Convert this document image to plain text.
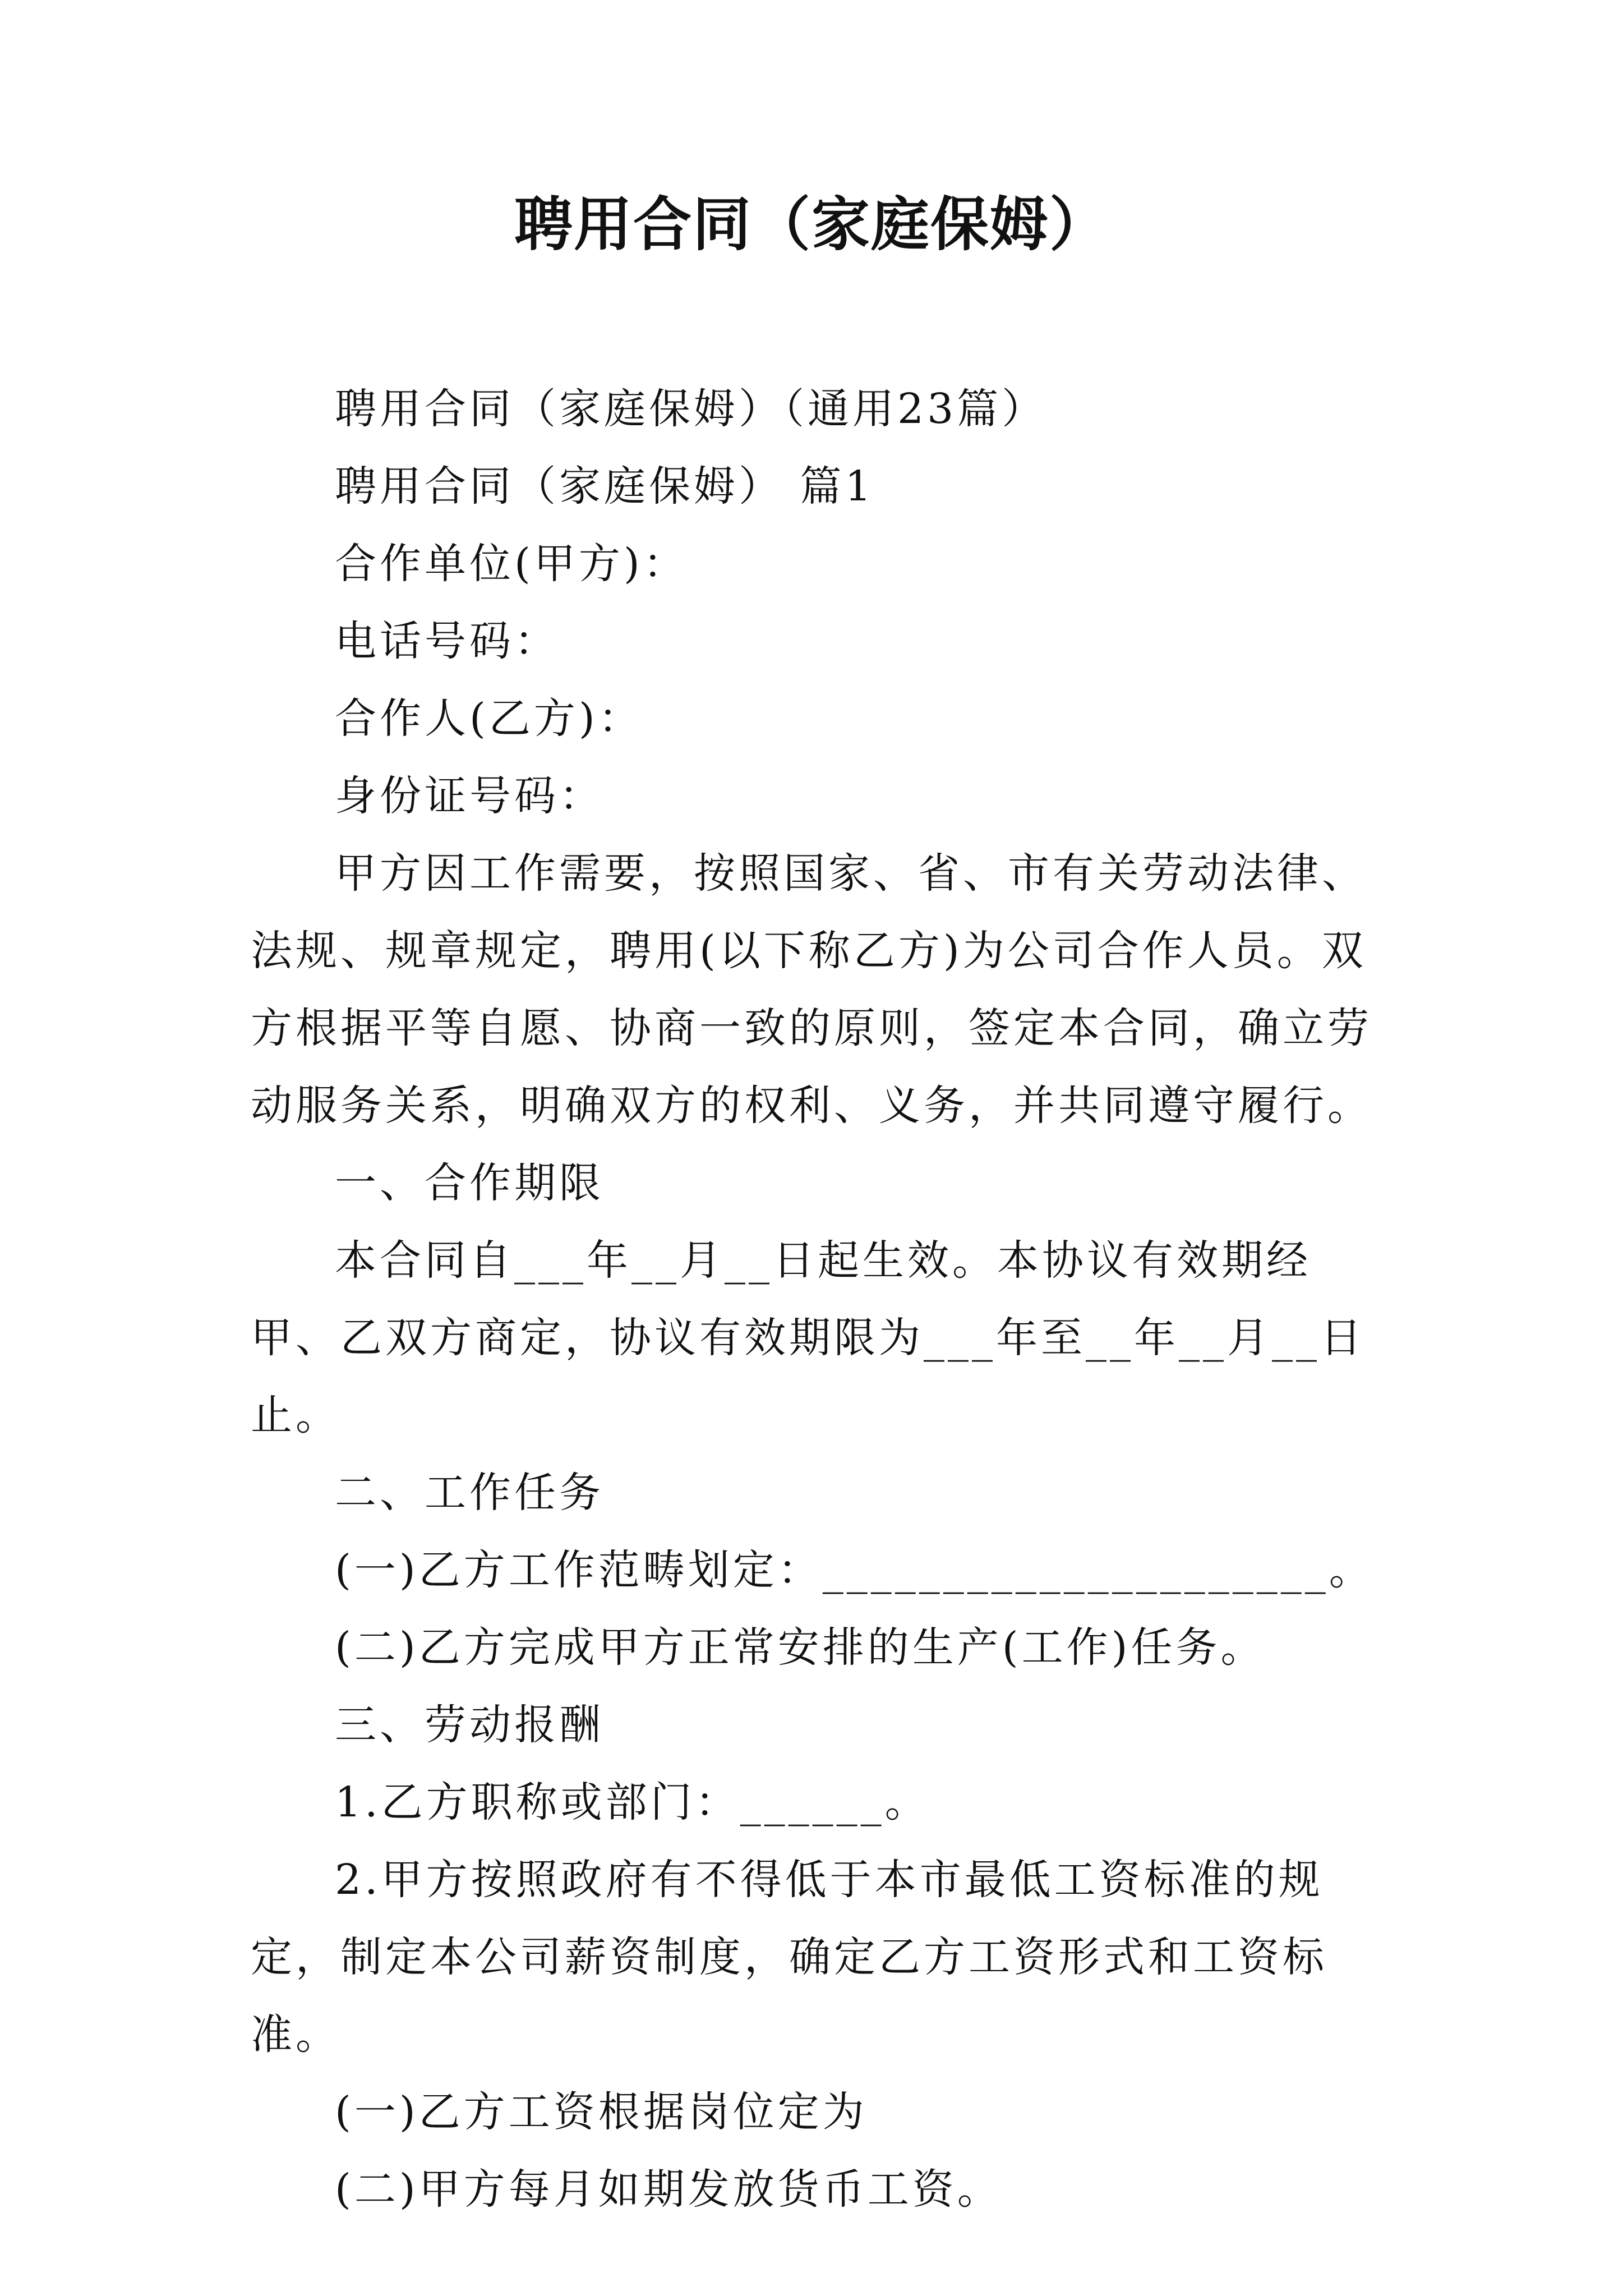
聘用合同（家庭保姆）

聘用合同（家庭保姆）（通用23篇）

聘用合同（家庭保姆） 篇1

合作单位(甲方)：

电话号码：

合作人(乙方)：

身份证号码：

甲方因工作需要，按照国家、省、市有关劳动法律、法规、规章规定，聘用(以下称乙方)为公司合作人员。双方根据平等自愿、协商一致的原则，签定本合同，确立劳动服务关系，明确双方的权利、义务，并共同遵守履行。

一、合作期限

本合同自___年__月__日起生效。本协议有效期经甲、乙双方商定，协议有效期限为___年至__年__月__日止。

二、工作任务

(一)乙方工作范畴划定：_____________________。

(二)乙方完成甲方正常安排的生产(工作)任务。

三、劳动报酬

1.乙方职称或部门：______。

2.甲方按照政府有不得低于本市最低工资标准的规定，制定本公司薪资制度，确定乙方工资形式和工资标准。

(一)乙方工资根据岗位定为

(二)甲方每月如期发放货币工资。
